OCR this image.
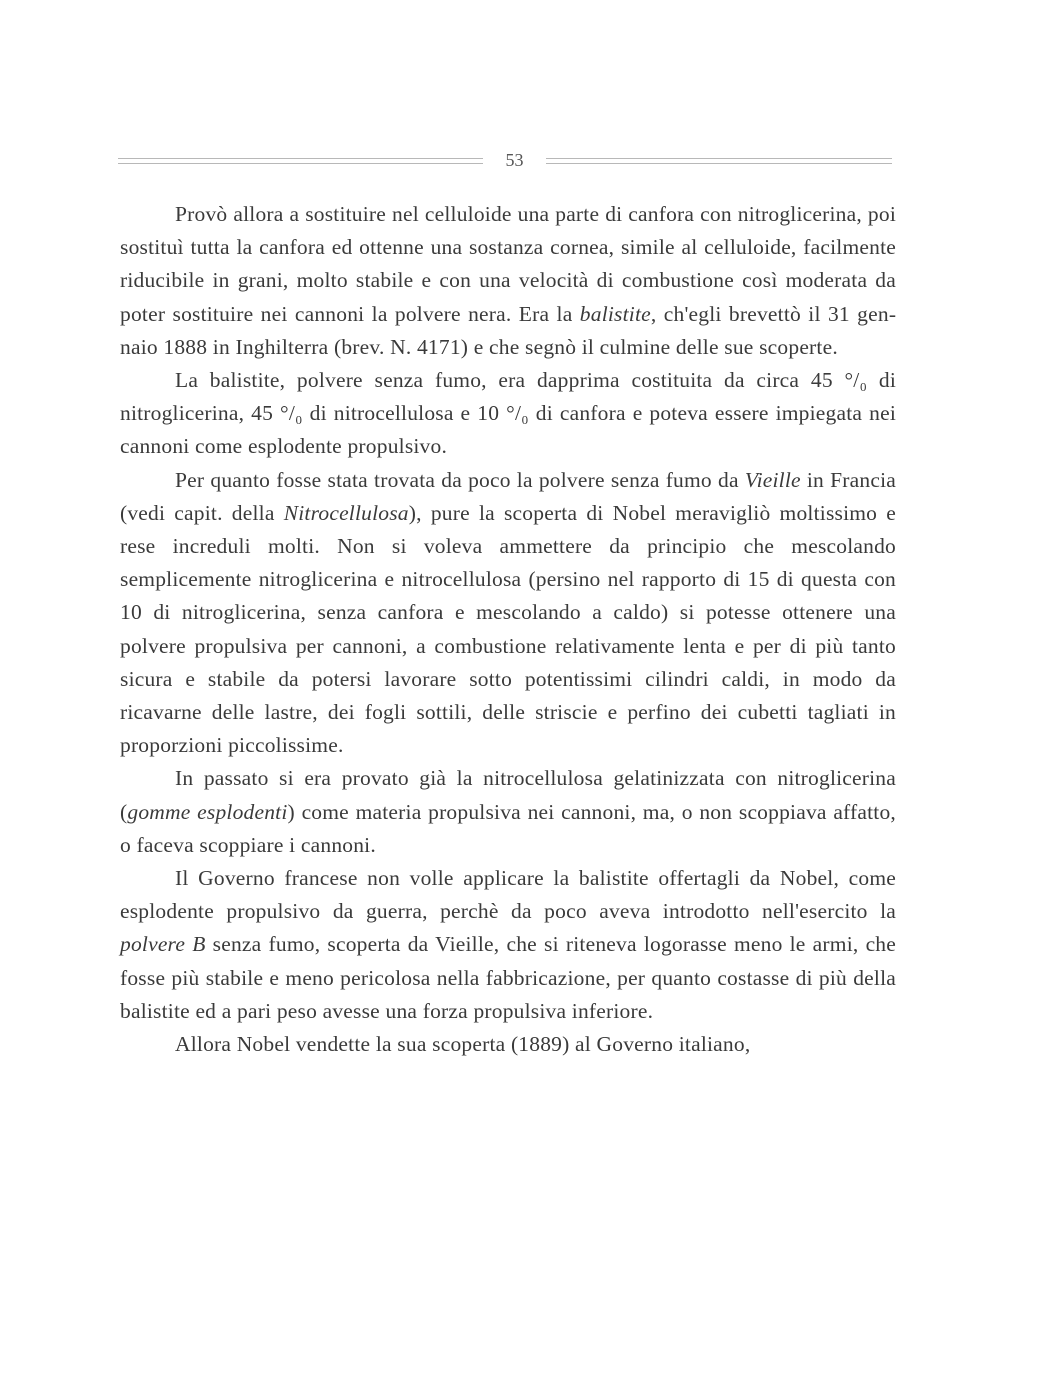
53

Provò allora a sostituire nel celluloide una parte di canfora con nitroglicerina, poi sostituì tutta la canfora ed ottenne una sostanza cornea, simile al celluloide, facilmente riducibile in grani, molto stabile e con una velocità di combustione così moderata da poter sostituire nei cannoni la polvere nera. Era la balistite, ch'egli brevettò il 31 gennaio 1888 in Inghilterra (brev. N. 4171) e che segnò il culmine delle sue scoperte.

La balistite, polvere senza fumo, era dapprima costituita da circa 45 °/₀ di nitroglicerina, 45 °/₀ di nitrocellulosa e 10 °/₀ di canfora e poteva essere impiegata nei cannoni come esplodente propulsivo.

Per quanto fosse stata trovata da poco la polvere senza fumo da Vieille in Francia (vedi capit. della Nitrocellulosa), pure la scoperta di Nobel meravigliò moltissimo e rese increduli molti. Non si voleva ammettere da principio che mescolando semplicemente nitroglicerina e nitrocellulosa (persino nel rapporto di 15 di questa con 10 di nitroglicerina, senza canfora e mescolando a caldo) si potesse ottenere una polvere propulsiva per cannoni, a combustione relativamente lenta e per di più tanto sicura e stabile da potersi lavorare sotto potentissimi cilindri caldi, in modo da ricavarne delle lastre, dei fogli sottili, delle striscie e perfino dei cubetti tagliati in proporzioni piccolissime.

In passato si era provato già la nitrocellulosa gelatinizzata con nitroglicerina (gomme esplodenti) come materia propulsiva nei cannoni, ma, o non scoppiava affatto, o faceva scoppiare i cannoni.

Il Governo francese non volle applicare la balistite offertagli da Nobel, come esplodente propulsivo da guerra, perchè da poco aveva introdotto nell'esercito la polvere B senza fumo, scoperta da Vieille, che si riteneva logorasse meno le armi, che fosse più stabile e meno pericolosa nella fabbricazione, per quanto costasse di più della balistite ed a pari peso avesse una forza propulsiva inferiore.

Allora Nobel vendette la sua scoperta (1889) al Governo italiano,
